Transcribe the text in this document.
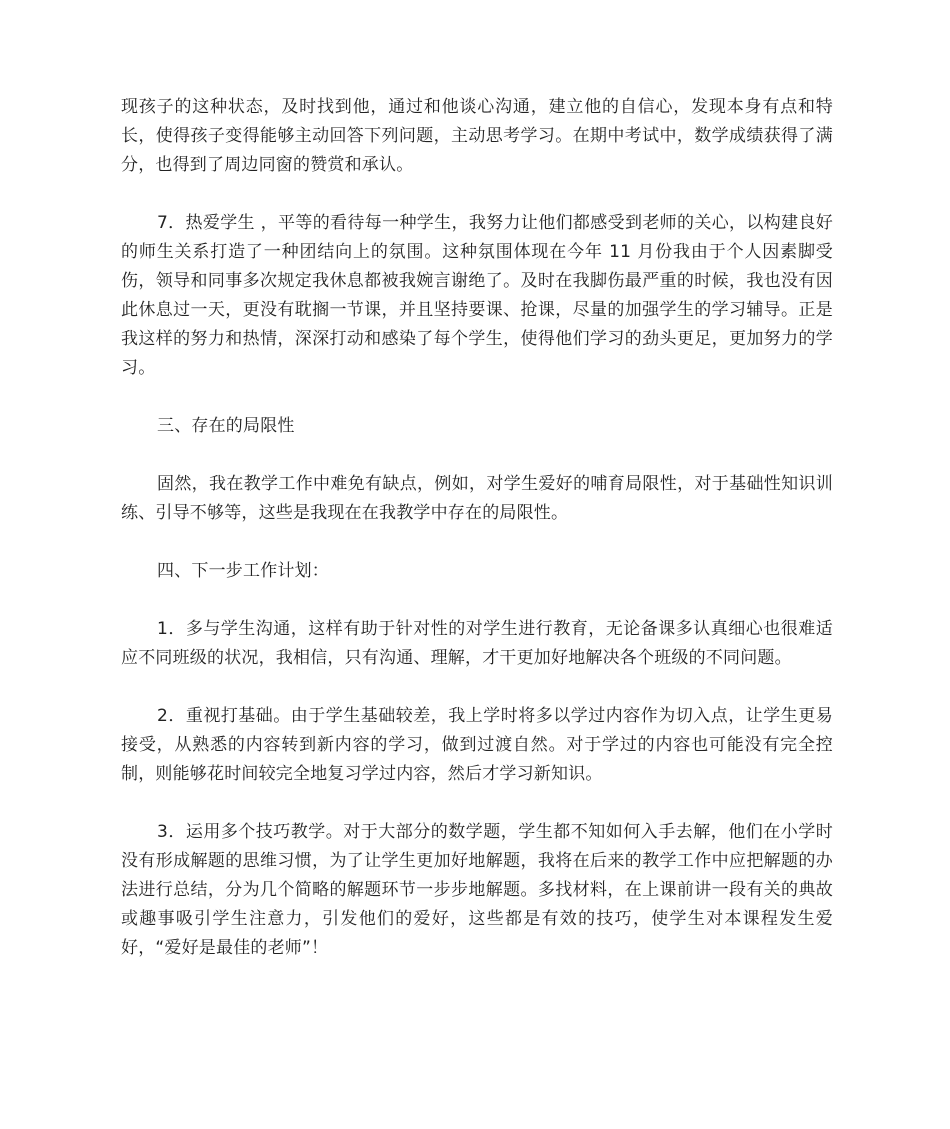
现孩子的这种状态，及时找到他，通过和他谈心沟通，建立他的自信心，发现本身有点和特长，使得孩子变得能够主动回答下列问题，主动思考学习。在期中考试中，数学成绩获得了满分，也得到了周边同窗的赞赏和承认。

7．热爱学生 ，平等的看待每一种学生，我努力让他们都感受到老师的关心，以构建良好的师生关系打造了一种团结向上的氛围。这种氛围体现在今年 11 月份我由于个人因素脚受伤，领导和同事多次规定我休息都被我婉言谢绝了。及时在我脚伤最严重的时候，我也没有因此休息过一天，更没有耽搁一节课，并且坚持要课、抢课，尽量的加强学生的学习辅导。正是我这样的努力和热情，深深打动和感染了每个学生，使得他们学习的劲头更足，更加努力的学习。

三、存在的局限性

固然，我在教学工作中难免有缺点，例如，对学生爱好的哺育局限性，对于基础性知识训练、引导不够等，这些是我现在在我教学中存在的局限性。

四、下一步工作计划：

1．多与学生沟通，这样有助于针对性的对学生进行教育，无论备课多认真细心也很难适应不同班级的状况，我相信，只有沟通、理解，才干更加好地解决各个班级的不同问题。

2．重视打基础。由于学生基础较差，我上学时将多以学过内容作为切入点，让学生更易接受，从熟悉的内容转到新内容的学习，做到过渡自然。对于学过的内容也可能没有完全控制，则能够花时间较完全地复习学过内容，然后才学习新知识。

3．运用多个技巧教学。对于大部分的数学题，学生都不知如何入手去解，他们在小学时没有形成解题的思维习惯，为了让学生更加好地解题，我将在后来的教学工作中应把解题的办法进行总结，分为几个简略的解题环节一步步地解题。多找材料，在上课前讲一段有关的典故或趣事吸引学生注意力，引发他们的爱好，这些都是有效的技巧，使学生对本课程发生爱好，“爱好是最佳的老师”！
